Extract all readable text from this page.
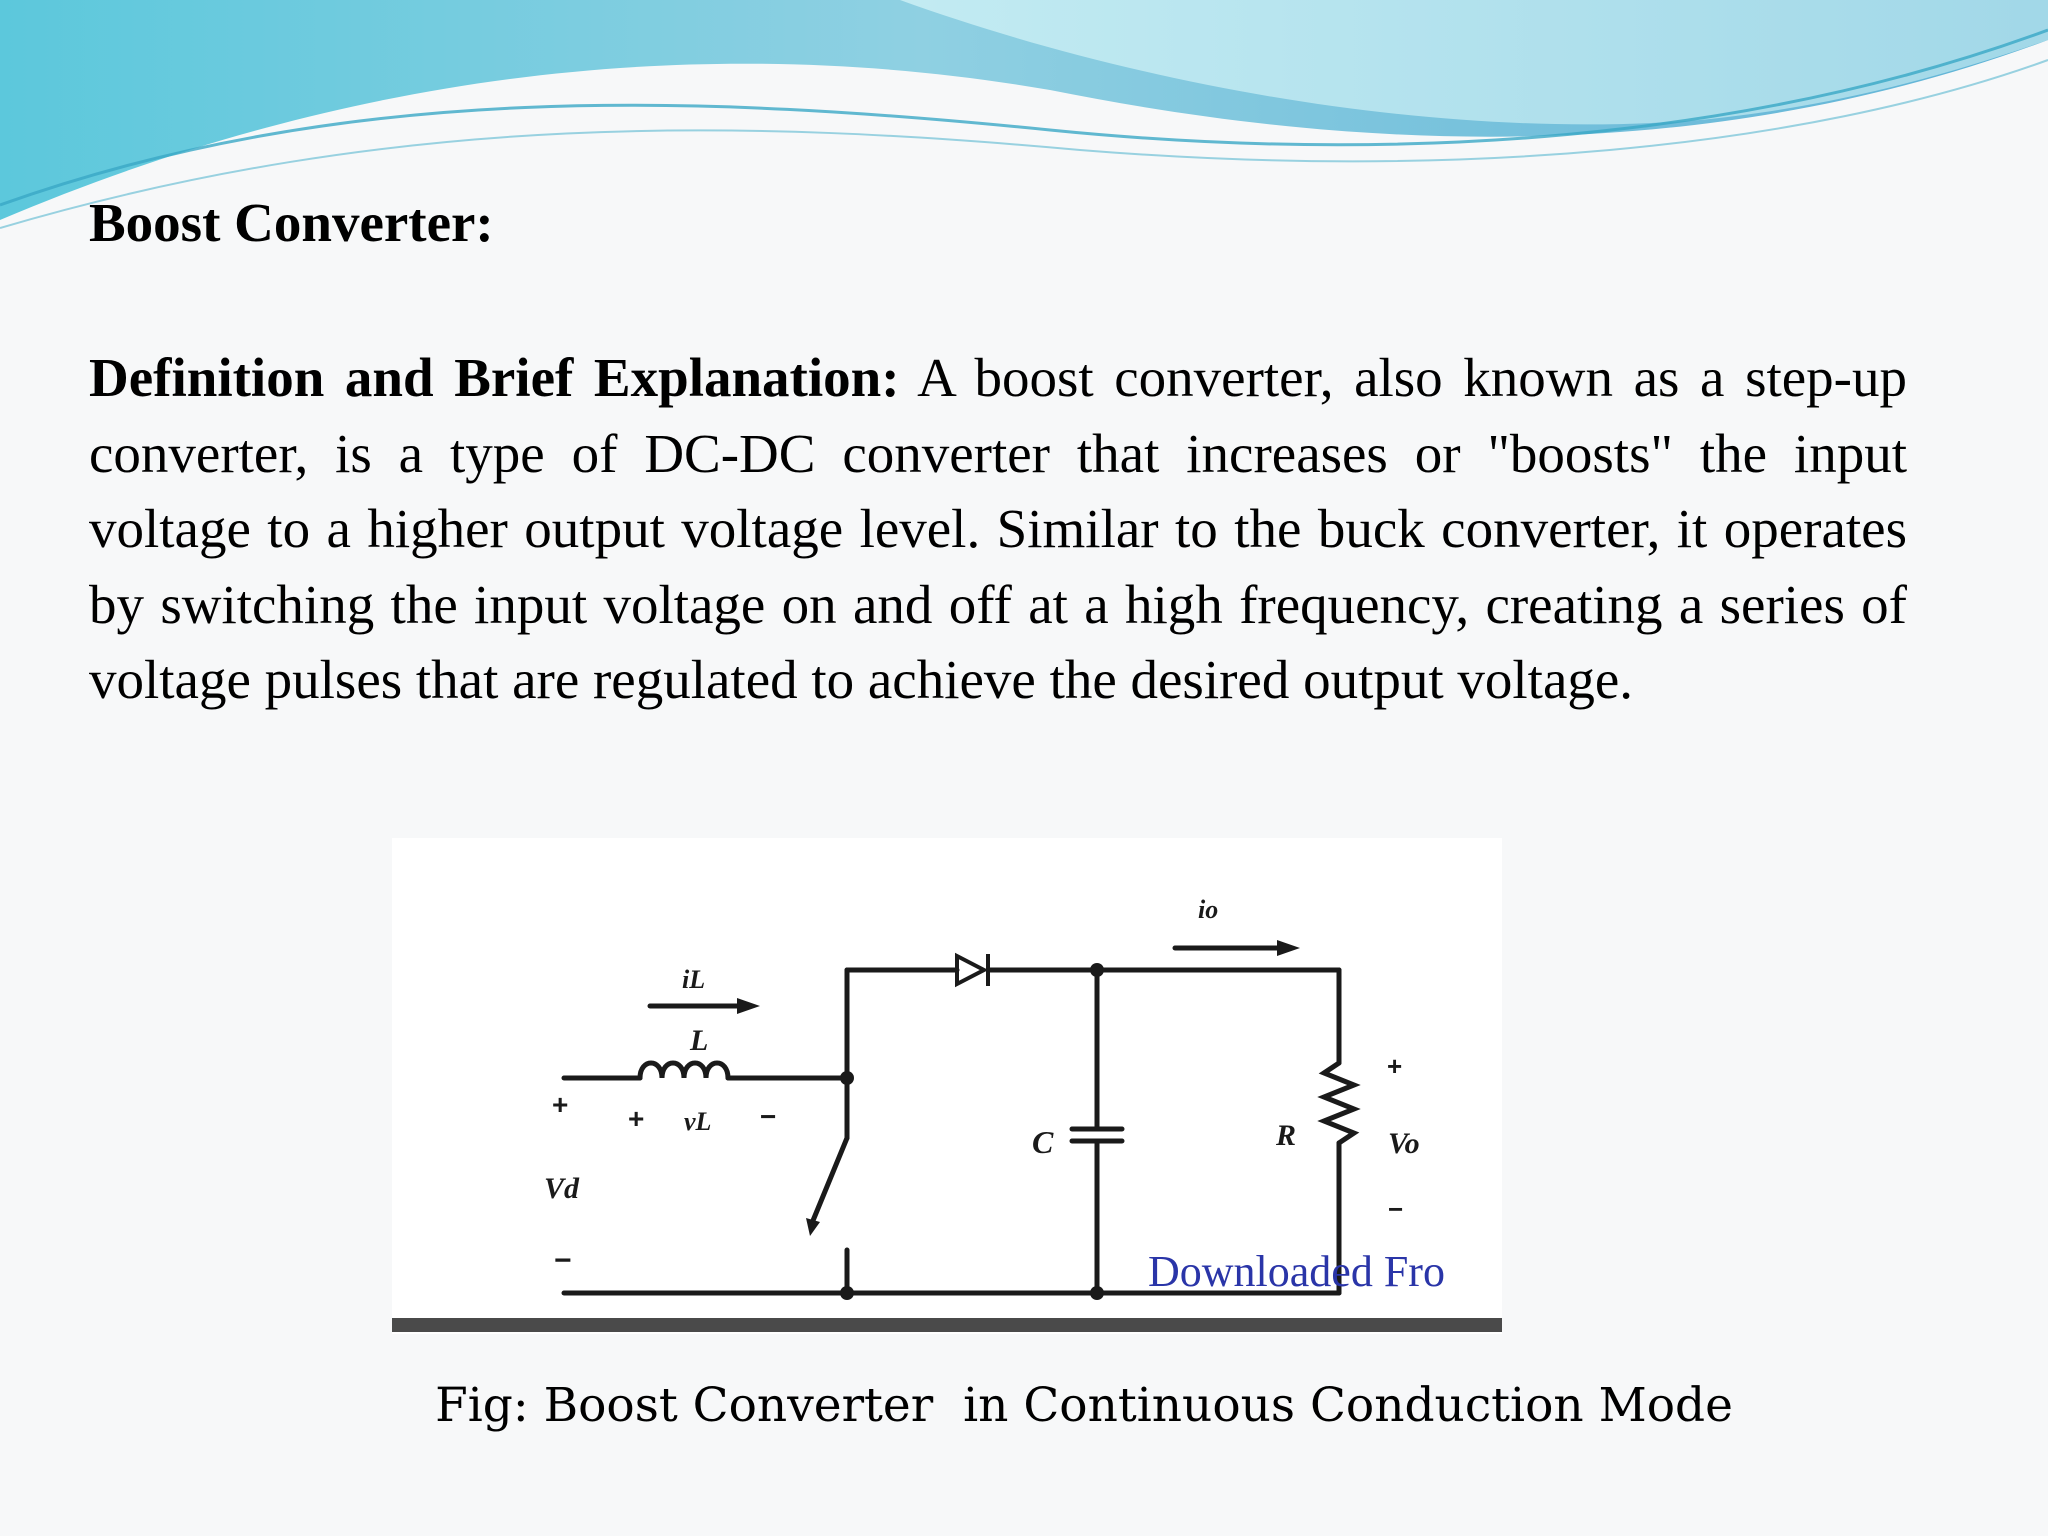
Boost Converter:

Definition and Brief Explanation: A boost converter, also known as a step-up converter, is a type of DC-DC converter that increases or "boosts" the input voltage to a higher output voltage level. Similar to the buck converter, it operates by switching the input voltage on and off at a high frequency, creating a series of voltage pulses that are regulated to achieve the desired output voltage.

iL
L
vL
io
C	R	Vo
Vd
+
−
+	−
+
−
Downloaded Fro

Fig: Boost Converter  in Continuous Conduction Mode
